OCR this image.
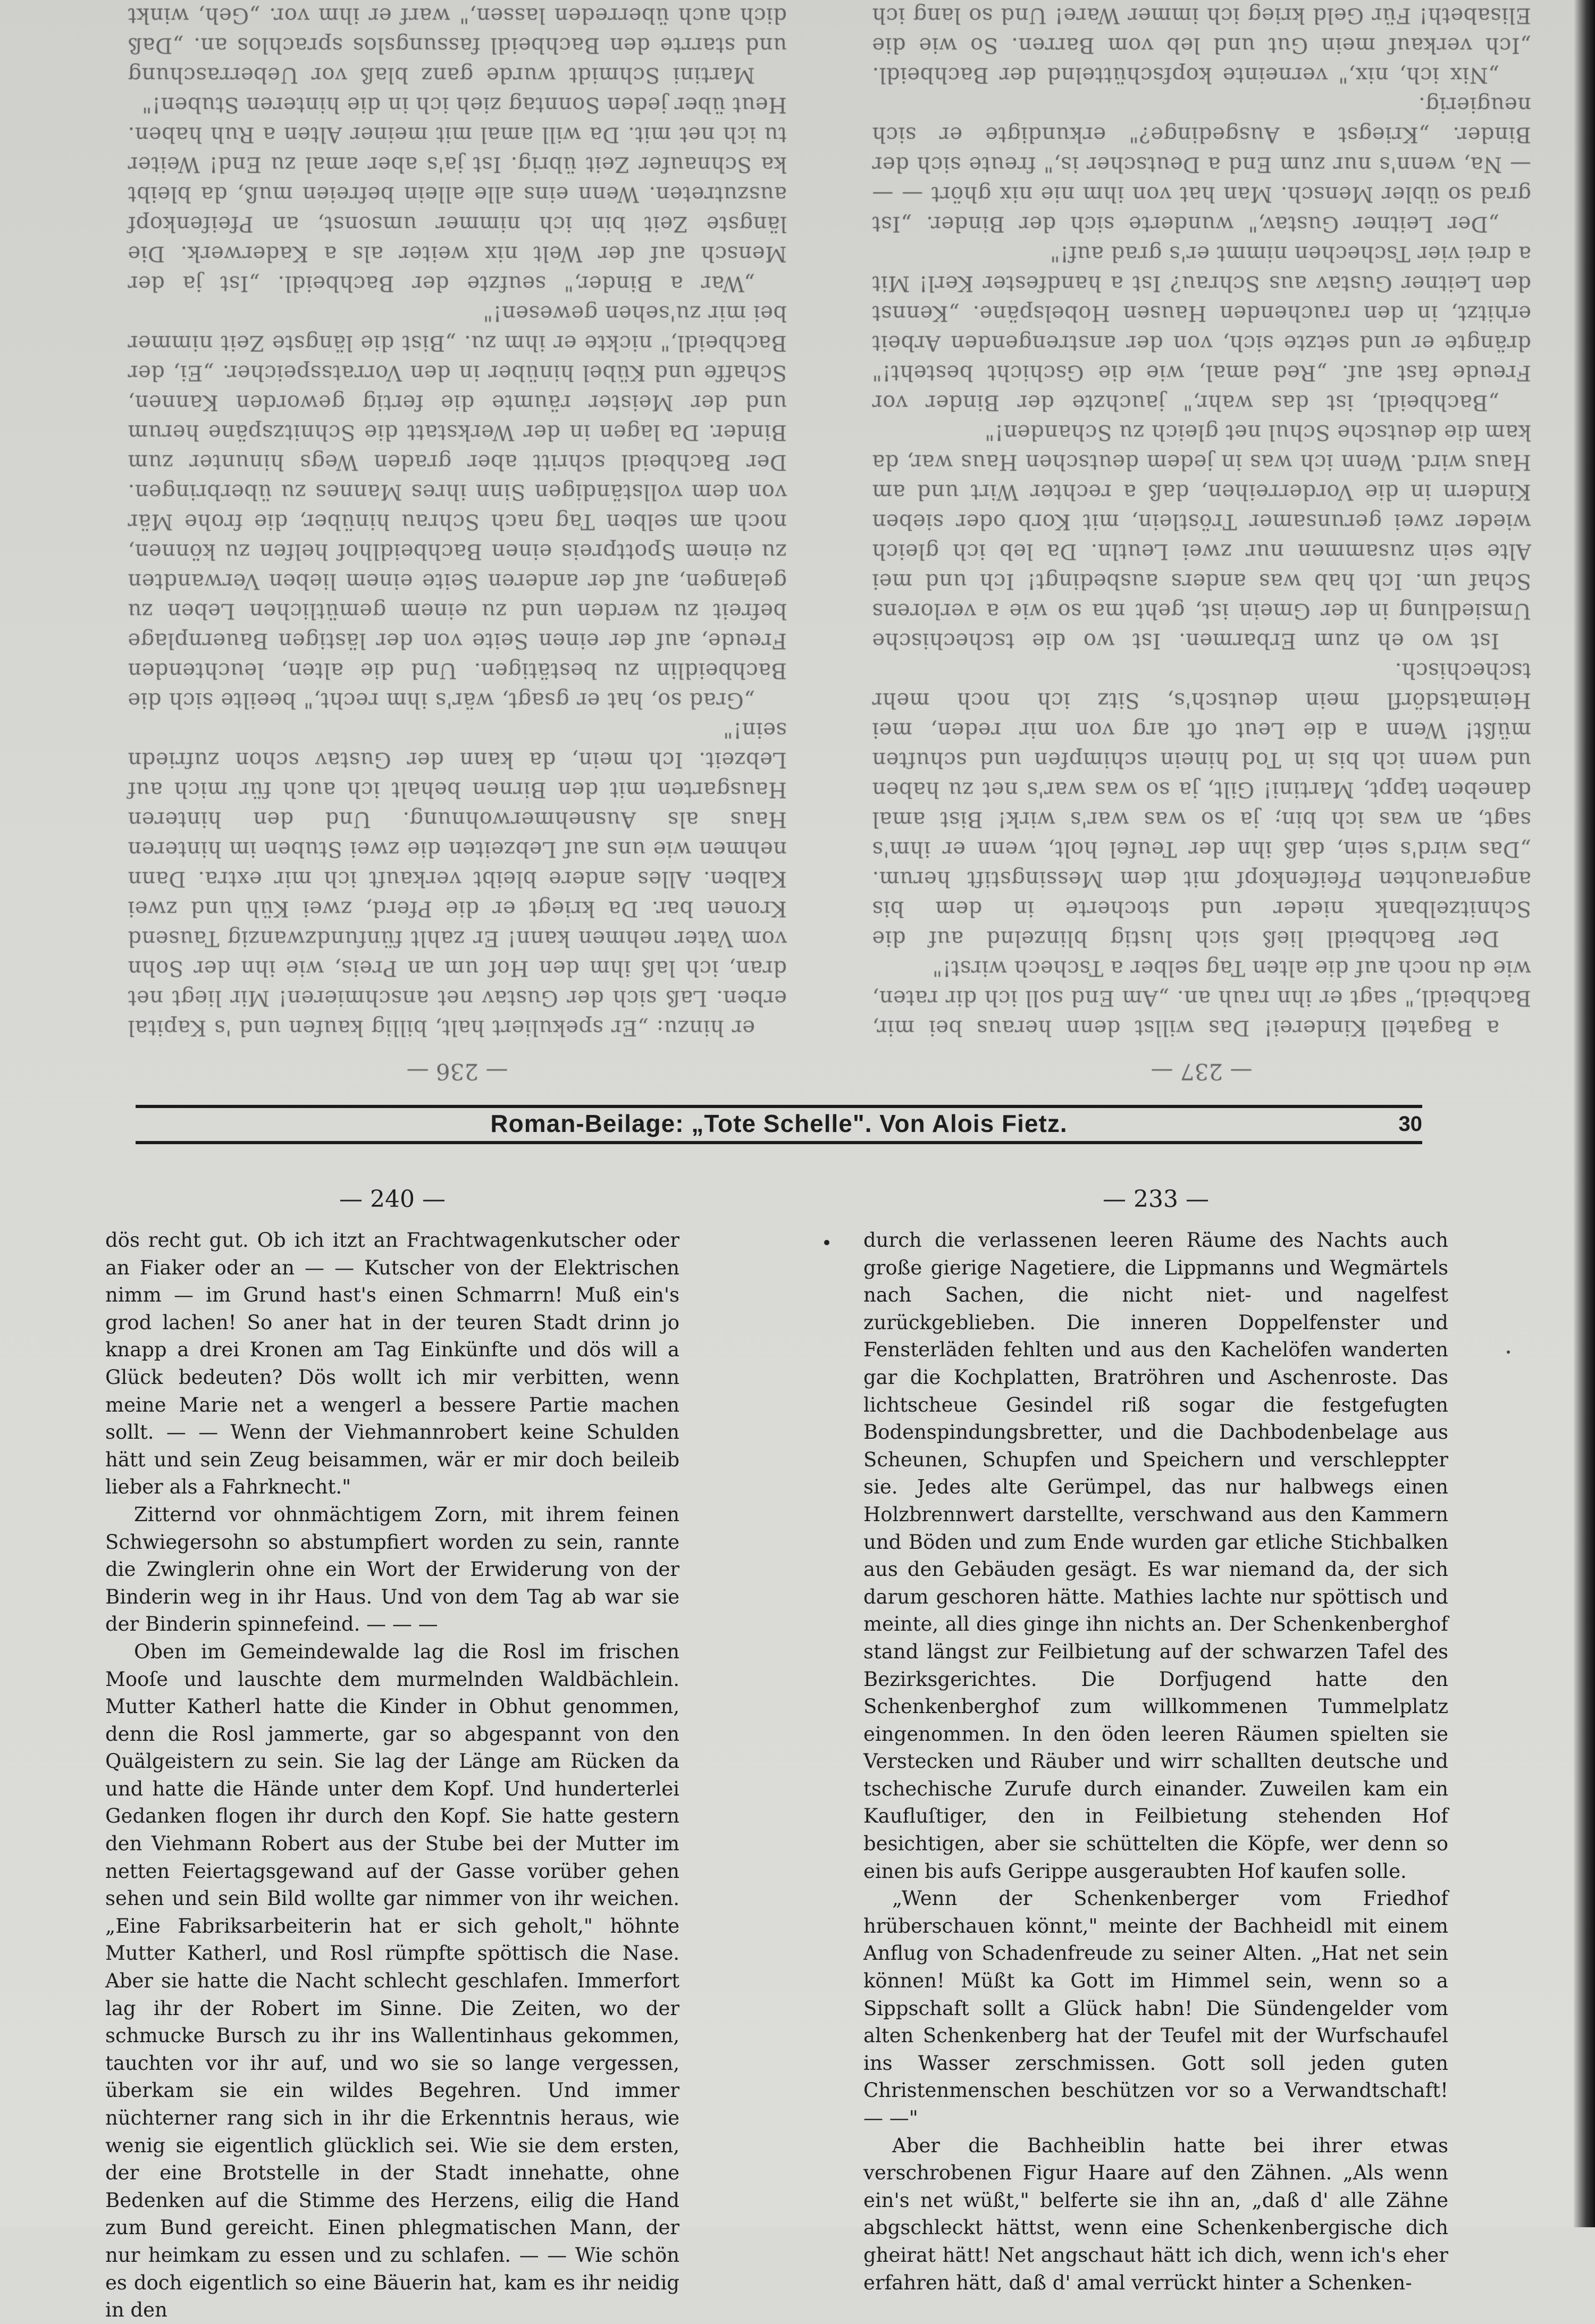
— 237 —

a Bagatell Kinderei! Das willst denn heraus bei mir, Bachbeidl," sagt er ihn rauh an. „Am End soll ich dir raten, wie du noch auf die alten Tag selber a Tschech wirst!"

Der Bachbeidl ließ sich lustig blinzelnd auf die Schnitzelbank nieder und stocherte in dem bis angerauchten Pfeifenkopf mit dem Messingstift herum. „Das wird's sein, daß ihn der Teufel holt, wenn er ihm's sagt, an was ich bin; ja so was war's wirk! Bist amal daneben tappt, Martini! Gilt, ja so was war's net zu haben und wenn ich bis in Tod hinein schimpfen und schuften müßt! Wenn a die Leut oft arg von mir reden, mei Heimatsdörfl mein deutsch's, Sitz ich noch mehr tschechisch.

Ist wo eh zum Erbarmen. Ist wo die tschechische Umsiedlung in der Gmein ist, geht ma so wie a verlorens Schaf um. Ich hab was anders ausbedingt! Ich und mei Alte sein zusammen nur zwei Leutln. Da leb ich gleich wieder zwei gerunsamer Tröstlein, mit Korb oder sieben Kindern in die Vorderreihen, daß a rechter Wirt und am Haus wird. Wenn ich was in jedem deutschen Haus war, da kam die deutsche Schul net gleich zu Schanden!"

„Bachbeidl, ist das wahr," jauchzte der Binder vor Freude fast auf. „Red amal, wie die Gschicht besteht!" drängte er und setzte sich, von der anstrengenden Arbeit erhitzt, in den rauchenden Hausen Hobelspäne. „Kennst den Leitner Gustav aus Schrau? Ist a handfester Kerl! Mit a drei vier Tschechen nimmt er's grad auf!"

„Der Leitner Gustav," wunderte sich der Binder. „Ist grad so übler Mensch. Man hat von ihm nie nix ghört — — — Na, wenn's nur zum End a Deutscher is," freute sich der Binder. „Kriegst a Ausgedinge?" erkundigte er sich neugierig.

„Nix ich, nix," verneinte kopfschüttelnd der Bachbeidl. „Ich verkauf mein Gut und leb vom Barren. So wie die Elisabeth! Für Geld krieg ich immer Ware! Und so lang ich

— 236 —

er hinzu: „Er spekuliert halt, billig kaufen und 's Kapital erben. Laß sich der Gustav net anschmieren! Mir liegt net dran, ich laß ihm den Hof um an Preis, wie ihn der Sohn vom Vater nehmen kann! Er zahlt fünfundzwanzig Tausend Kronen bar. Da kriegt er die Pferd, zwei Küh und zwei Kalben. Alles andere bleibt verkauft ich mir extra. Dann nehmen wie uns auf Lebzeiten die zwei Stuben im hinteren Haus als Ausnehmerwohnung. Und den hinteren Hausgarten mit den Birnen behalt ich auch für mich auf Lebzeit. Ich mein, da kann der Gustav schon zufriedn sein!"

„Grad so, hat er gsagt, wär's ihm recht," beeilte sich die Bachbeidlin zu bestätigen. Und die alten, leuchtenden Freude, auf der einen Seite von der lästigen Bauernplage befreit zu werden und zu einem gemütlichen Leben zu gelangen, auf der anderen Seite einem lieben Verwandten zu einem Spottpreis einen Bachbeidlhof helfen zu können, noch am selben Tag nach Schrau hinüber, die frohe Mär von dem vollständigen Sinn ihres Mannes zu überbringen. Der Bachbeidl schritt aber graden Wegs hinunter zum Binder. Da lagen in der Werkstatt die Schnitzspäne herum und der Meister räumte die fertig geworden Kannen, Schaffe und Kübel hinüber in den Vorratsspeicher. „Ei, der Bachbeidl," nickte er ihm zu. „Bist die längste Zeit nimmer bei mir zu'sehen gewesen!"

„War a Binder," seufzte der Bachbeidl. „Ist ja der Mensch auf der Welt nix weiter als a Kaderwerk. Die längste Zeit bin ich nimmer umsonst, an Pfeifenkopf auszutreten. Wenn eins alle allein befreien muß, da bleibt ka Schnaufer Zeit übrig. Ist ja's aber amal zu End! Weiter tu ich net mit. Da will amal mit meiner Alten a Ruh haben. Heut über jeden Sonntag zieh ich in die hinteren Stuben!"

Martini Schmidt wurde ganz blaß vor Ueberraschung und starrte den Bachbeidl fassungslos sprachlos an. „Daß dich auch überreden lassen," warf er ihm vor. „Geh, winkt

Roman-Beilage: „Tote Schelle". Von Alois Fietz.	30
— 240 —

dös recht gut. Ob ich itzt an Frachtwagenkutscher oder an Fiaker oder an — — Kutscher von der Elektrischen nimm — im Grund hast's einen Schmarrn! Muß ein's grod lachen! So aner hat in der teuren Stadt drinn jo knapp a drei Kronen am Tag Einkünfte und dös will a Glück bedeuten? Dös wollt ich mir verbitten, wenn meine Marie net a wengerl a bessere Partie machen sollt. — — Wenn der Viehmannrobert keine Schulden hätt und sein Zeug beisammen, wär er mir doch beileib lieber als a Fahrknecht."

Zitternd vor ohnmächtigem Zorn, mit ihrem feinen Schwiegersohn so abstumpfiert worden zu sein, rannte die Zwinglerin ohne ein Wort der Erwiderung von der Binderin weg in ihr Haus. Und von dem Tag ab war sie der Binderin spinnefeind. — — —

Oben im Gemeindewalde lag die Rosl im frischen Mooſe und lauschte dem murmelnden Waldbächlein. Mutter Katherl hatte die Kinder in Obhut genommen, denn die Rosl jammerte, gar so abgespannt von den Quälgeistern zu sein. Sie lag der Länge am Rücken da und hatte die Hände unter dem Kopf. Und hunderterlei Gedanken flogen ihr durch den Kopf. Sie hatte gestern den Viehmann Robert aus der Stube bei der Mutter im netten Feiertagsgewand auf der Gasse vorüber gehen sehen und sein Bild wollte gar nimmer von ihr weichen. „Eine Fabriksarbeiterin hat er sich geholt," höhnte Mutter Katherl, und Rosl rümpfte spöttisch die Nase. Aber sie hatte die Nacht schlecht geschlafen. Immerfort lag ihr der Robert im Sinne. Die Zeiten, wo der schmucke Bursch zu ihr ins Wallentinhaus gekommen, tauchten vor ihr auf, und wo sie so lange vergessen, überkam sie ein wildes Begehren. Und immer nüchterner rang sich in ihr die Erkenntnis heraus, wie wenig sie eigentlich glücklich sei. Wie sie dem ersten, der eine Brotstelle in der Stadt innehatte, ohne Bedenken auf die Stimme des Herzens, eilig die Hand zum Bund gereicht. Einen phlegmatischen Mann, der nur heimkam zu essen und zu schlafen. — — Wie schön es doch eigentlich so eine Bäuerin hat, kam es ihr neidig in den

— 233 —

durch die verlassenen leeren Räume des Nachts auch große gierige Nagetiere, die Lippmanns und Wegmärtels nach Sachen, die nicht niet- und nagelfest zurückgeblieben. Die inneren Doppelfenster und Fensterläden fehlten und aus den Kachelöfen wanderten gar die Kochplatten, Bratröhren und Aschenroste. Das lichtscheue Gesindel riß sogar die festgefugten Bodenspindungsbretter, und die Dachbodenbelage aus Scheunen, Schupfen und Speichern und verschleppter sie. Jedes alte Gerümpel, das nur halbwegs einen Holzbrennwert darstellte, verschwand aus den Kammern und Böden und zum Ende wurden gar etliche Stichbalken aus den Gebäuden gesägt. Es war niemand da, der sich darum geschoren hätte. Mathies lachte nur spöttisch und meinte, all dies ginge ihn nichts an. Der Schenkenberghof stand längst zur Feilbietung auf der schwarzen Tafel des Bezirksgerichtes. Die Dorfjugend hatte den Schenkenberghof zum willkommenen Tummelplatz eingenommen. In den öden leeren Räumen spielten sie Verstecken und Räuber und wirr schallten deutsche und tschechische Zurufe durch einander. Zuweilen kam ein Kaufluſtiger, den in Feilbietung stehenden Hof besichtigen, aber sie schüttelten die Köpfe, wer denn so einen bis aufs Gerippe ausgeraubten Hof kaufen solle.

„Wenn der Schenkenberger vom Friedhof hrüberschauen könnt," meinte der Bachheidl mit einem Anflug von Schadenfreude zu seiner Alten. „Hat net sein können! Müßt ka Gott im Himmel sein, wenn so a Sippschaft sollt a Glück habn! Die Sündengelder vom alten Schenkenberg hat der Teufel mit der Wurfschaufel ins Wasser zerschmissen. Gott soll jeden guten Christenmenschen beschützen vor so a Verwandtschaft! — —"

Aber die Bachheiblin hatte bei ihrer etwas verschrobenen Figur Haare auf den Zähnen. „Als wenn ein's net wüßt," belferte sie ihn an, „daß d' alle Zähne abgschleckt hättst, wenn eine Schenkenbergische dich gheirat hätt! Net angschaut hätt ich dich, wenn ich's eher erfahren hätt, daß d' amal verrückt hinter a Schenken-
